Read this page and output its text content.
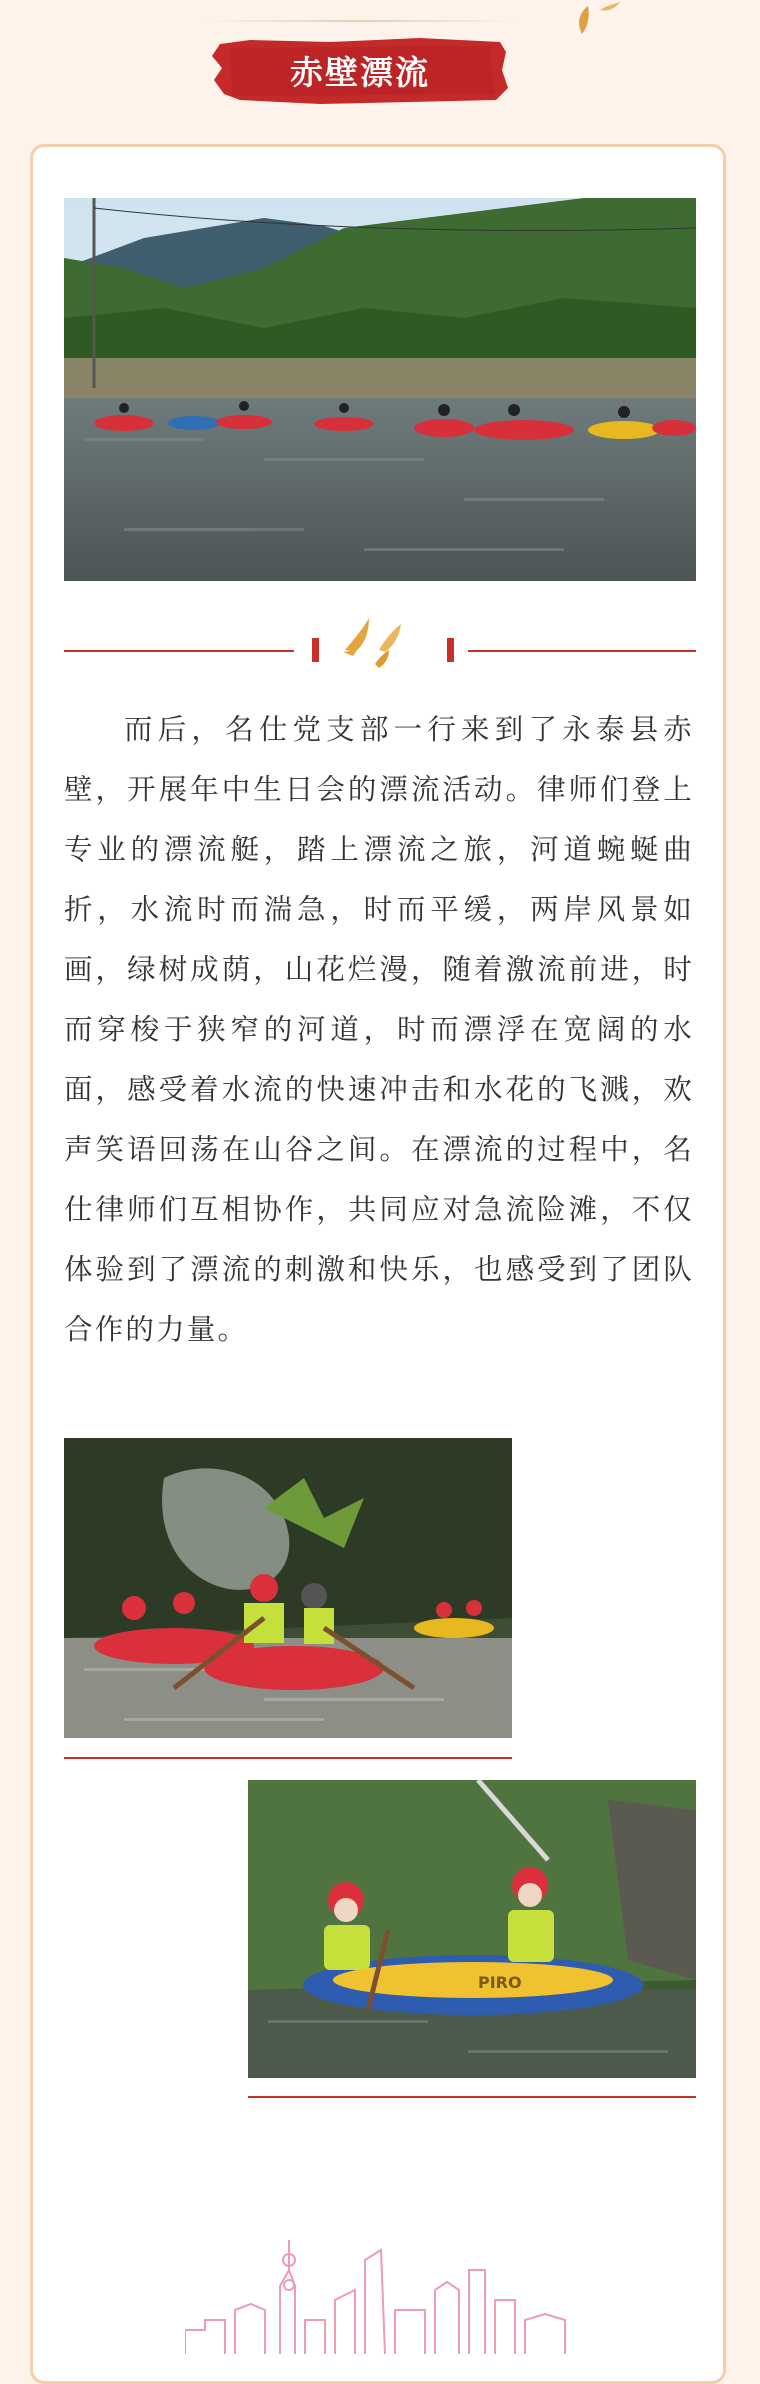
赤壁漂流
而后，名仕党支部一行来到了永泰县赤壁，开展年中生日会的漂流活动。律师们登上专业的漂流艇，踏上漂流之旅，河道蜿蜒曲折，水流时而湍急，时而平缓，两岸风景如画，绿树成荫，山花烂漫，随着激流前进，时而穿梭于狭窄的河道，时而漂浮在宽阔的水面，感受着水流的快速冲击和水花的飞溅，欢声笑语回荡在山谷之间。在漂流的过程中，名仕律师们互相协作，共同应对急流险滩，不仅体验到了漂流的刺激和快乐，也感受到了团队合作的力量。
PIRO
